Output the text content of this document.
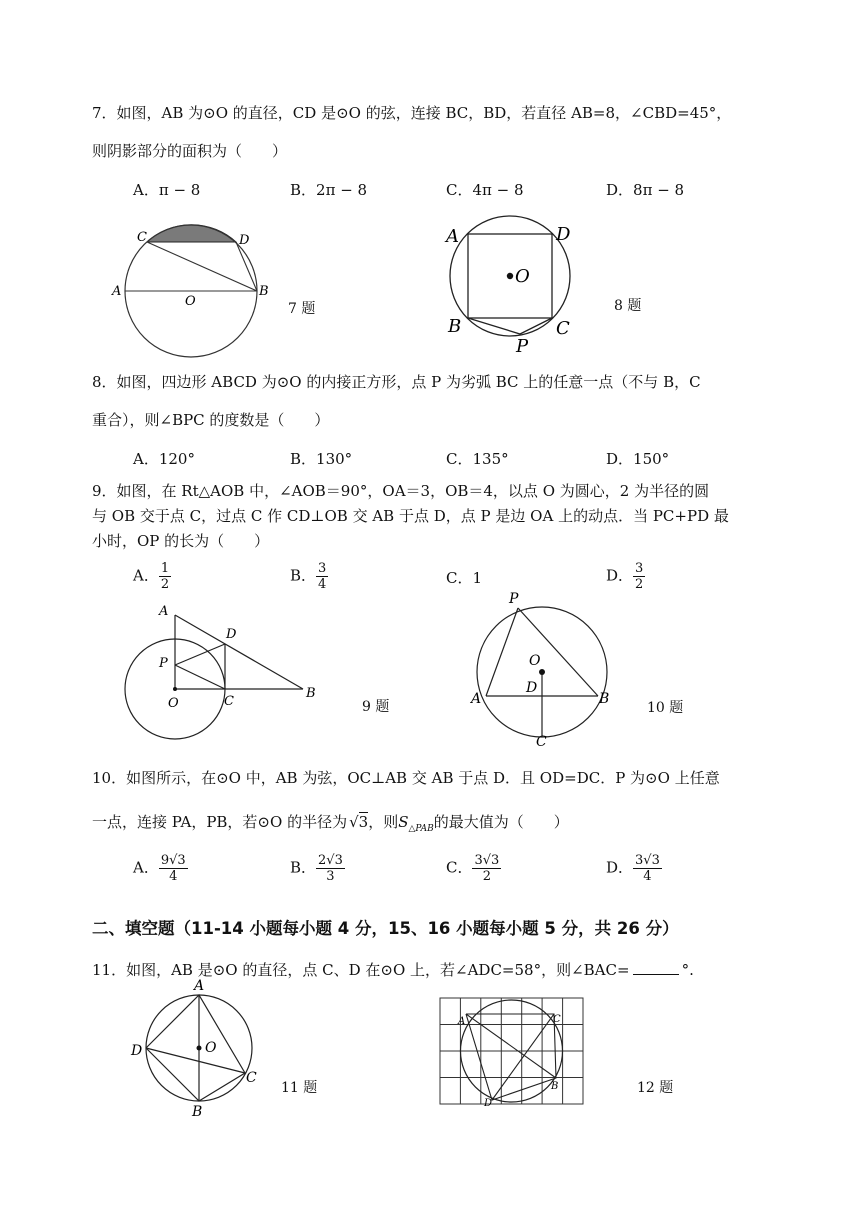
7．如图，AB 为⊙O 的直径，CD 是⊙O 的弦，连接 BC，BD，若直径 AB=8，∠CBD=45°，
则阴影部分的面积为（　　）
A．π − 8	B．2π − 8	C．4π − 8	D．8π − 8
C	D
A
O
B
7 题
A	D
O
B	C
P
8 题
8．如图，四边形 ABCD 为⊙O 的内接正方形，点 P 为劣弧 BC 上的任意一点（不与 B，C
重合），则∠BPC 的度数是（　　）
A．120°	B．130°	C．135°	D．150°
9．如图，在 Rt△AOB 中，∠AOB＝90°，OA＝3，OB＝4，以点 O 为圆心，2 为半径的圆
与 OB 交于点 C，过点 C 作 CD⊥OB 交 AB 于点 D，点 P 是边 OA 上的动点．当 PC+PD 最
小时，OP 的长为（　　）
A． $\frac{1}{2}$	B． $\frac{3}{4}$	C．1	D． $\frac{3}{2}$
A
D
P
O	C
B
9 题
P
O
D
A	B
C
10 题
10．如图所示，在⊙O 中，AB 为弦，OC⊥AB 交 AB 于点 D．且 OD=DC．P 为⊙O 上任意
一点，连接 PA，PB，若⊙O 的半径为 √3，则$S_{\triangle PAB}$的最大值为（　　）
A． $\frac{9√3}{4}$	B． $\frac{2√3}{3}$	C． $\frac{3√3}{2}$	D． $\frac{3√3}{4}$
二、填空题（11-14 小题每小题 4 分，15、16 小题每小题 5 分，共 26 分）
11．如图，AB 是⊙O 的直径，点 C、D 在⊙O 上，若∠ADC=58°，则∠BAC=	°.
A
D	O
C
B
11 题
A	C
B
D
12 题
